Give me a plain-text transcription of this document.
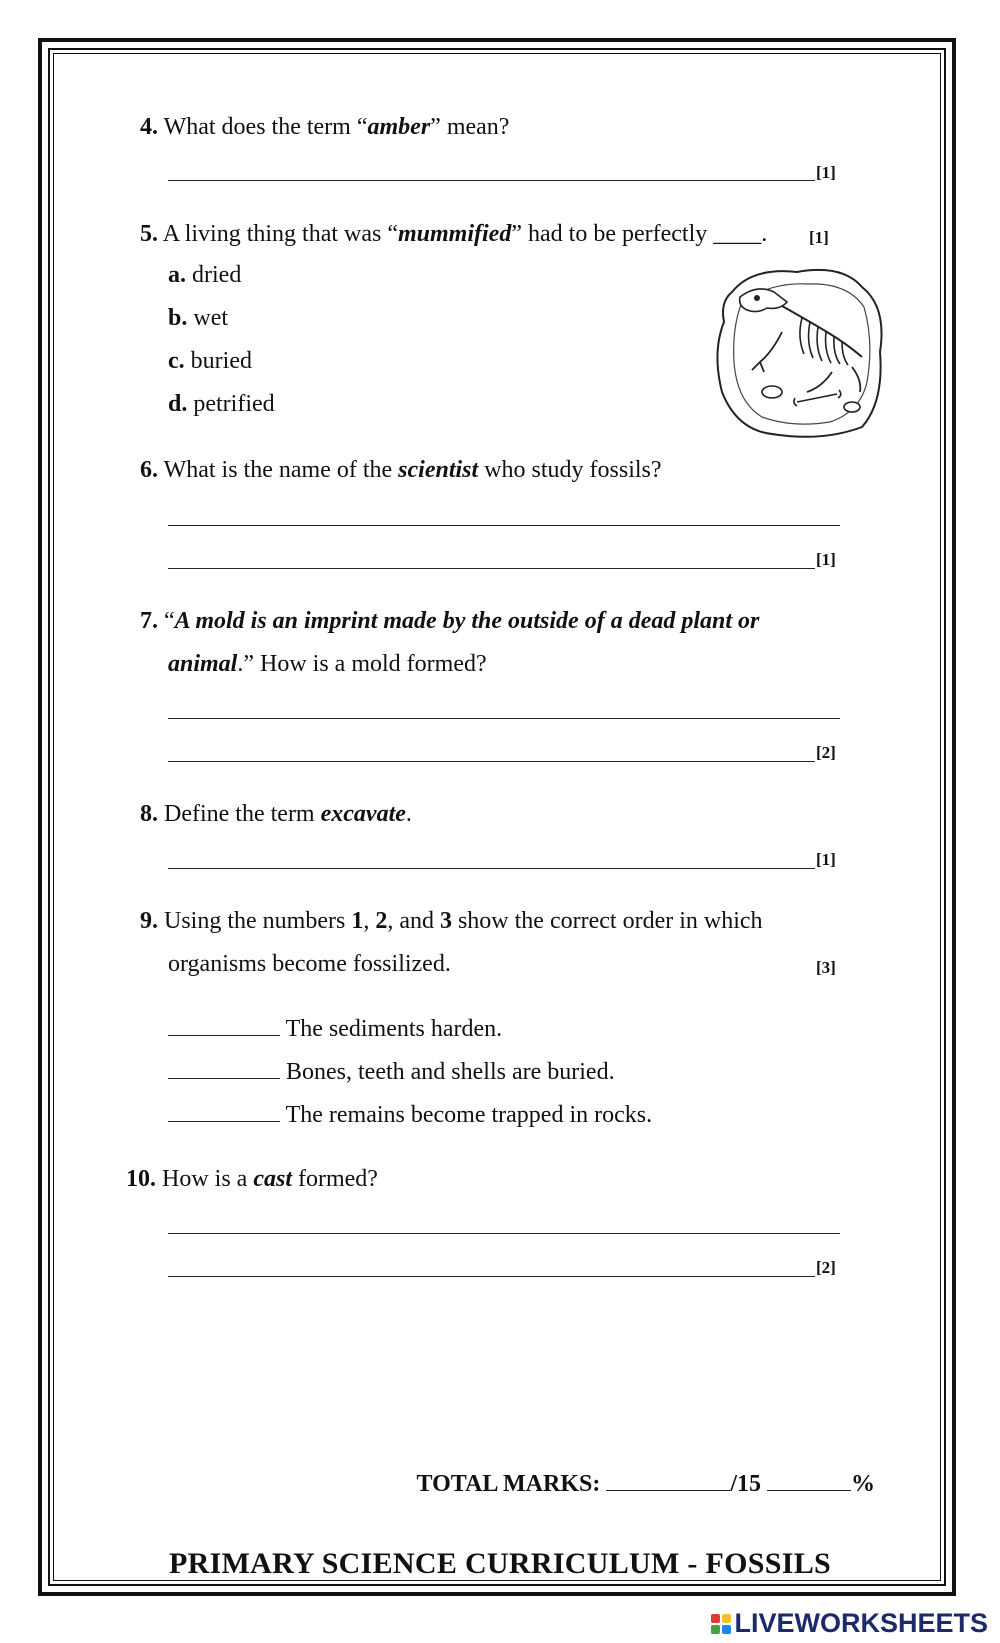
4. What does the term “amber” mean?
[1]
5. A living thing that was “mummified” had to be perfectly ____. [1]
a. dried
b. wet
c. buried
d. petrified
6. What is the name of the scientist who study fossils?
[1]
7. “A mold is an imprint made by the outside of a dead plant or
animal.” How is a mold formed?
[2]
8. Define the term excavate.
[1]
9. Using the numbers 1, 2, and 3 show the correct order in which
organisms become fossilized.	[3]
The sediments harden.
Bones, teeth and shells are buried.
The remains become trapped in rocks.
10. How is a cast formed?
[2]
TOTAL MARKS:	/15	%
PRIMARY SCIENCE CURRICULUM - FOSSILS
LIVEWORKSHEETS
